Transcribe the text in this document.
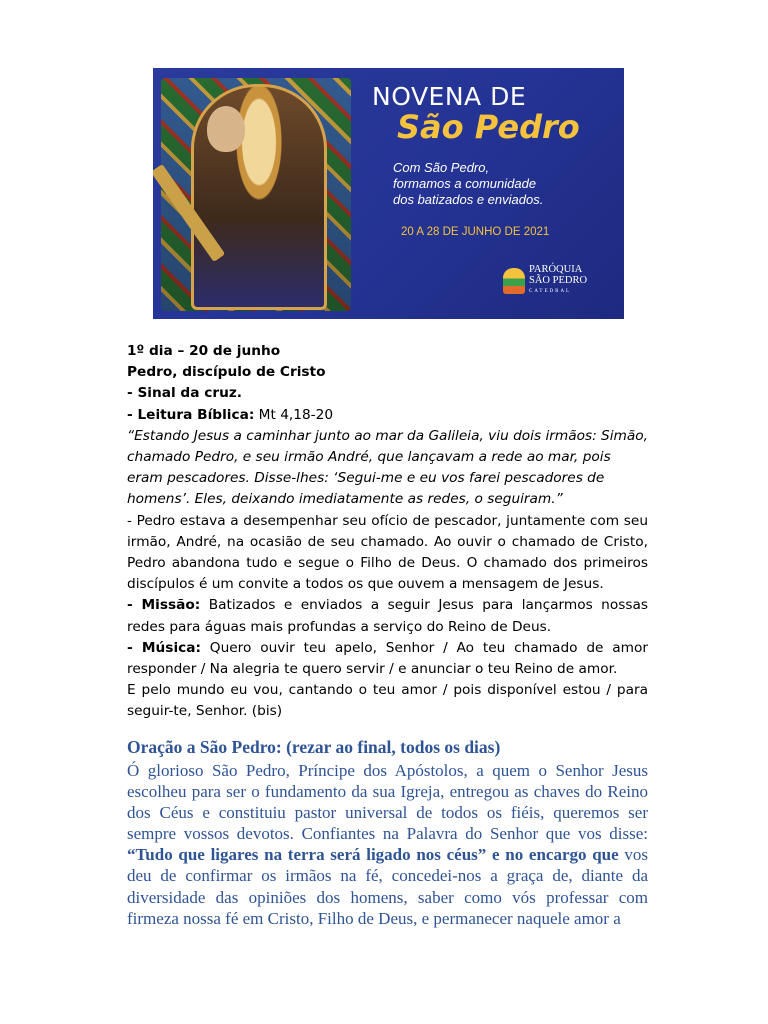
NOVENA DE
São Pedro
Com São Pedro,
formamos a comunidade
dos batizados e enviados.
20 A 28 DE JUNHO DE 2021
PARÓQUIA
SÃO PEDRO
CATEDRAL

1º dia – 20 de junho

Pedro, discípulo de Cristo

- Sinal da cruz.

- Leitura Bíblica: Mt 4,18-20

“Estando Jesus a caminhar junto ao mar da Galileia, viu dois irmãos: Simão, chamado Pedro, e seu irmão André, que lançavam a rede ao mar, pois eram pescadores. Disse-lhes: ‘Segui-me e eu vos farei pescadores de homens’. Eles, deixando imediatamente as redes, o seguiram.”

- Pedro estava a desempenhar seu ofício de pescador, juntamente com seu irmão, André, na ocasião de seu chamado. Ao ouvir o chamado de Cristo, Pedro abandona tudo e segue o Filho de Deus. O chamado dos primeiros discípulos é um convite a todos os que ouvem a mensagem de Jesus.

- Missão: Batizados e enviados a seguir Jesus para lançarmos nossas redes para águas mais profundas a serviço do Reino de Deus.

- Música: Quero ouvir teu apelo, Senhor / Ao teu chamado de amor responder / Na alegria te quero servir / e anunciar o teu Reino de amor.

E pelo mundo eu vou, cantando o teu amor / pois disponível estou / para seguir-te, Senhor. (bis)

Oração a São Pedro: (rezar ao final, todos os dias)

Ó glorioso São Pedro, Príncipe dos Apóstolos, a quem o Senhor Jesus escolheu para ser o fundamento da sua Igreja, entregou as chaves do Reino dos Céus e constituiu pastor universal de todos os fiéis, queremos ser sempre vossos devotos. Confiantes na Palavra do Senhor que vos disse: “Tudo que ligares na terra será ligado nos céus” e no encargo que vos deu de confirmar os irmãos na fé, concedei-nos a graça de, diante da diversidade das opiniões dos homens, saber como vós professar com firmeza nossa fé em Cristo, Filho de Deus, e permanecer naquele amor a
